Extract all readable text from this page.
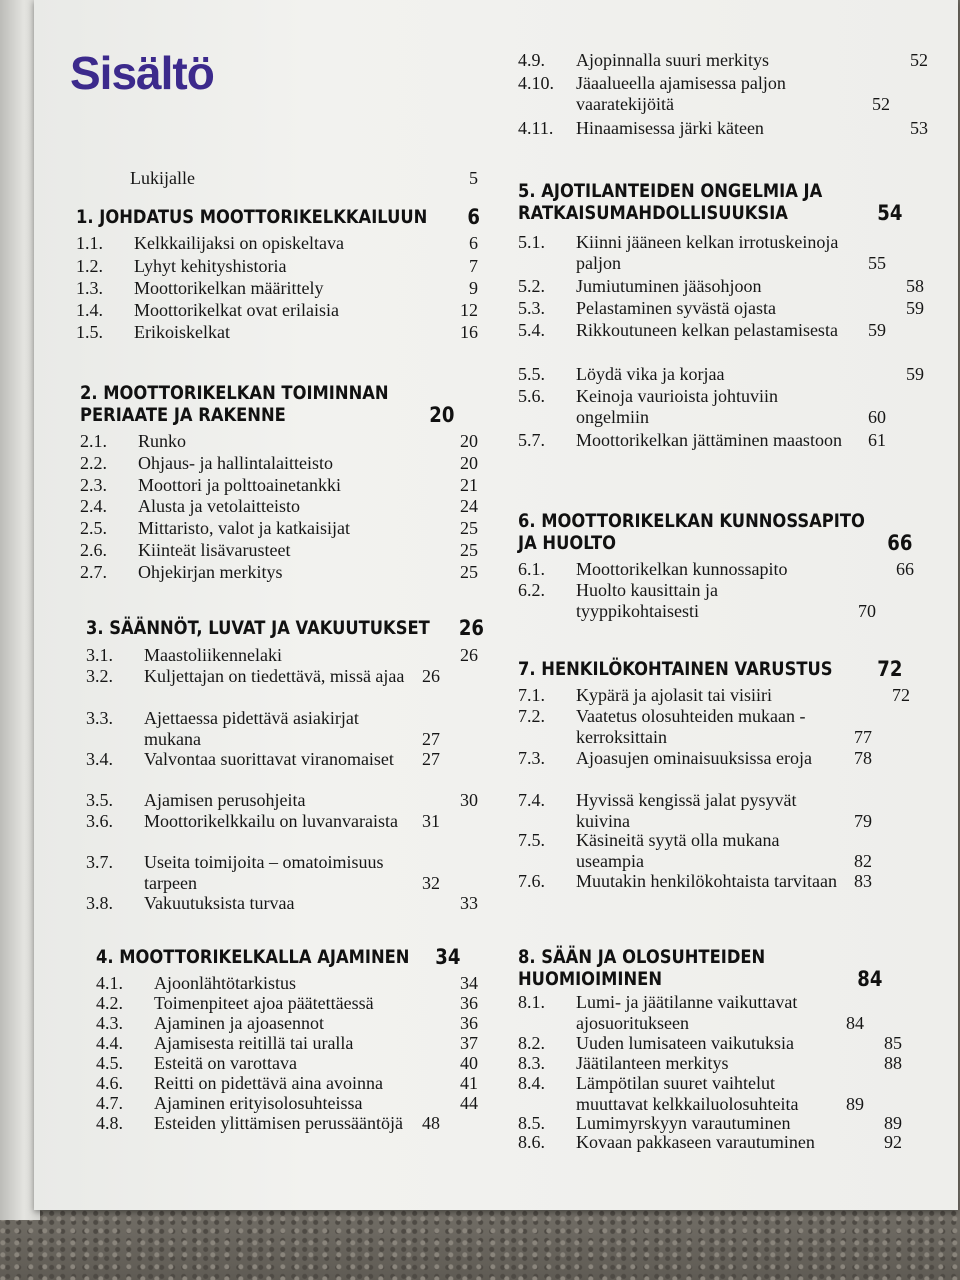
Sisältö
Lukijalle	5
1. JOHDATUS MOOTTORIKELKKAILUUN	6
1.1.	Kelkkailijaksi on opiskeltava	6
1.2.	Lyhyt kehityshistoria	7
1.3.	Moottorikelkan määrittely	9
1.4.	Moottorikelkat ovat erilaisia	12
1.5.	Erikoiskelkat	16
2. MOOTTORIKELKAN TOIMINNAN PERIAATE JA RAKENNE	20
2.1.	Runko	20
2.2.	Ohjaus- ja hallintalaitteisto	20
2.3.	Moottori ja polttoainetankki	21
2.4.	Alusta ja vetolaitteisto	24
2.5.	Mittaristo, valot ja katkaisijat	25
2.6.	Kiinteät lisävarusteet	25
2.7.	Ohjekirjan merkitys	25
3. SÄÄNNÖT, LUVAT JA VAKUUTUKSET	26
3.1.	Maastoliikennelaki	26
3.2.	Kuljettajan on tiedettävä, missä ajaa 26
3.3.	Ajettaessa pidettävä asiakirjat mukana	27
3.4.	Valvontaa suorittavat viranomaiset	27
3.5.	Ajamisen perusohjeita	30
3.6.	Moottorikelkkailu on luvanvaraista	31
3.7.	Useita toimijoita – omatoimisuus tarpeen	32
3.8.	Vakuutuksista turvaa	33
4. MOOTTORIKELKALLA AJAMINEN	34
4.1.	Ajoonlähtötarkistus	34
4.2.	Toimenpiteet ajoa päätettäessä	36
4.3.	Ajaminen ja ajoasennot	36
4.4.	Ajamisesta reitillä tai uralla	37
4.5.	Esteitä on varottava	40
4.6.	Reitti on pidettävä aina avoinna	41
4.7.	Ajaminen erityisolosuhteissa	44
4.8.	Esteiden ylittämisen perussääntöjä	48
4.9.	Ajopinnalla suuri merkitys	52
4.10.	Jäaalueella ajamisessa paljon vaaratekijöitä	52
4.11.	Hinaamisessa järki käteen	53
5. AJOTILANTEIDEN ONGELMIA JA RATKAISUMAHDOLLISUUKSIA	54
5.1.	Kiinni jääneen kelkan irrotuskeinoja paljon	55
5.2.	Jumiutuminen jääsohjoon	58
5.3.	Pelastaminen syvästä ojasta	59
5.4.	Rikkoutuneen kelkan pelastamisesta	59
5.5.	Löydä vika ja korjaa	59
5.6.	Keinoja vaurioista johtuviin ongelmiin	60
5.7.	Moottorikelkan jättäminen maastoon	61
6. MOOTTORIKELKAN KUNNOSSAPITO JA HUOLTO	66
6.1.	Moottorikelkan kunnossapito	66
6.2.	Huolto kausittain ja tyyppikohtaisesti	70
7. HENKILÖKOHTAINEN VARUSTUS	72
7.1.	Kypärä ja ajolasit tai visiiri	72
7.2.	Vaatetus olosuhteiden mukaan - kerroksittain	77
7.3.	Ajoasujen ominaisuuksissa eroja	78
7.4.	Hyvissä kengissä jalat pysyvät kuivina	79
7.5.	Käsineitä syytä olla mukana useampia	82
7.6.	Muutakin henkilökohtaista tarvitaan 83
8. SÄÄN JA OLOSUHTEIDEN HUOMIOIMINEN	84
8.1.	Lumi- ja jäätilanne vaikuttavat ajosuoritukseen	84
8.2.	Uuden lumisateen vaikutuksia	85
8.3.	Jäätilanteen merkitys	88
8.4.	Lämpötilan suuret vaihtelut muuttavat kelkkailuolosuhteita	89
8.5.	Lumimyrskyyn varautuminen	89
8.6.	Kovaan pakkaseen varautuminen	92
